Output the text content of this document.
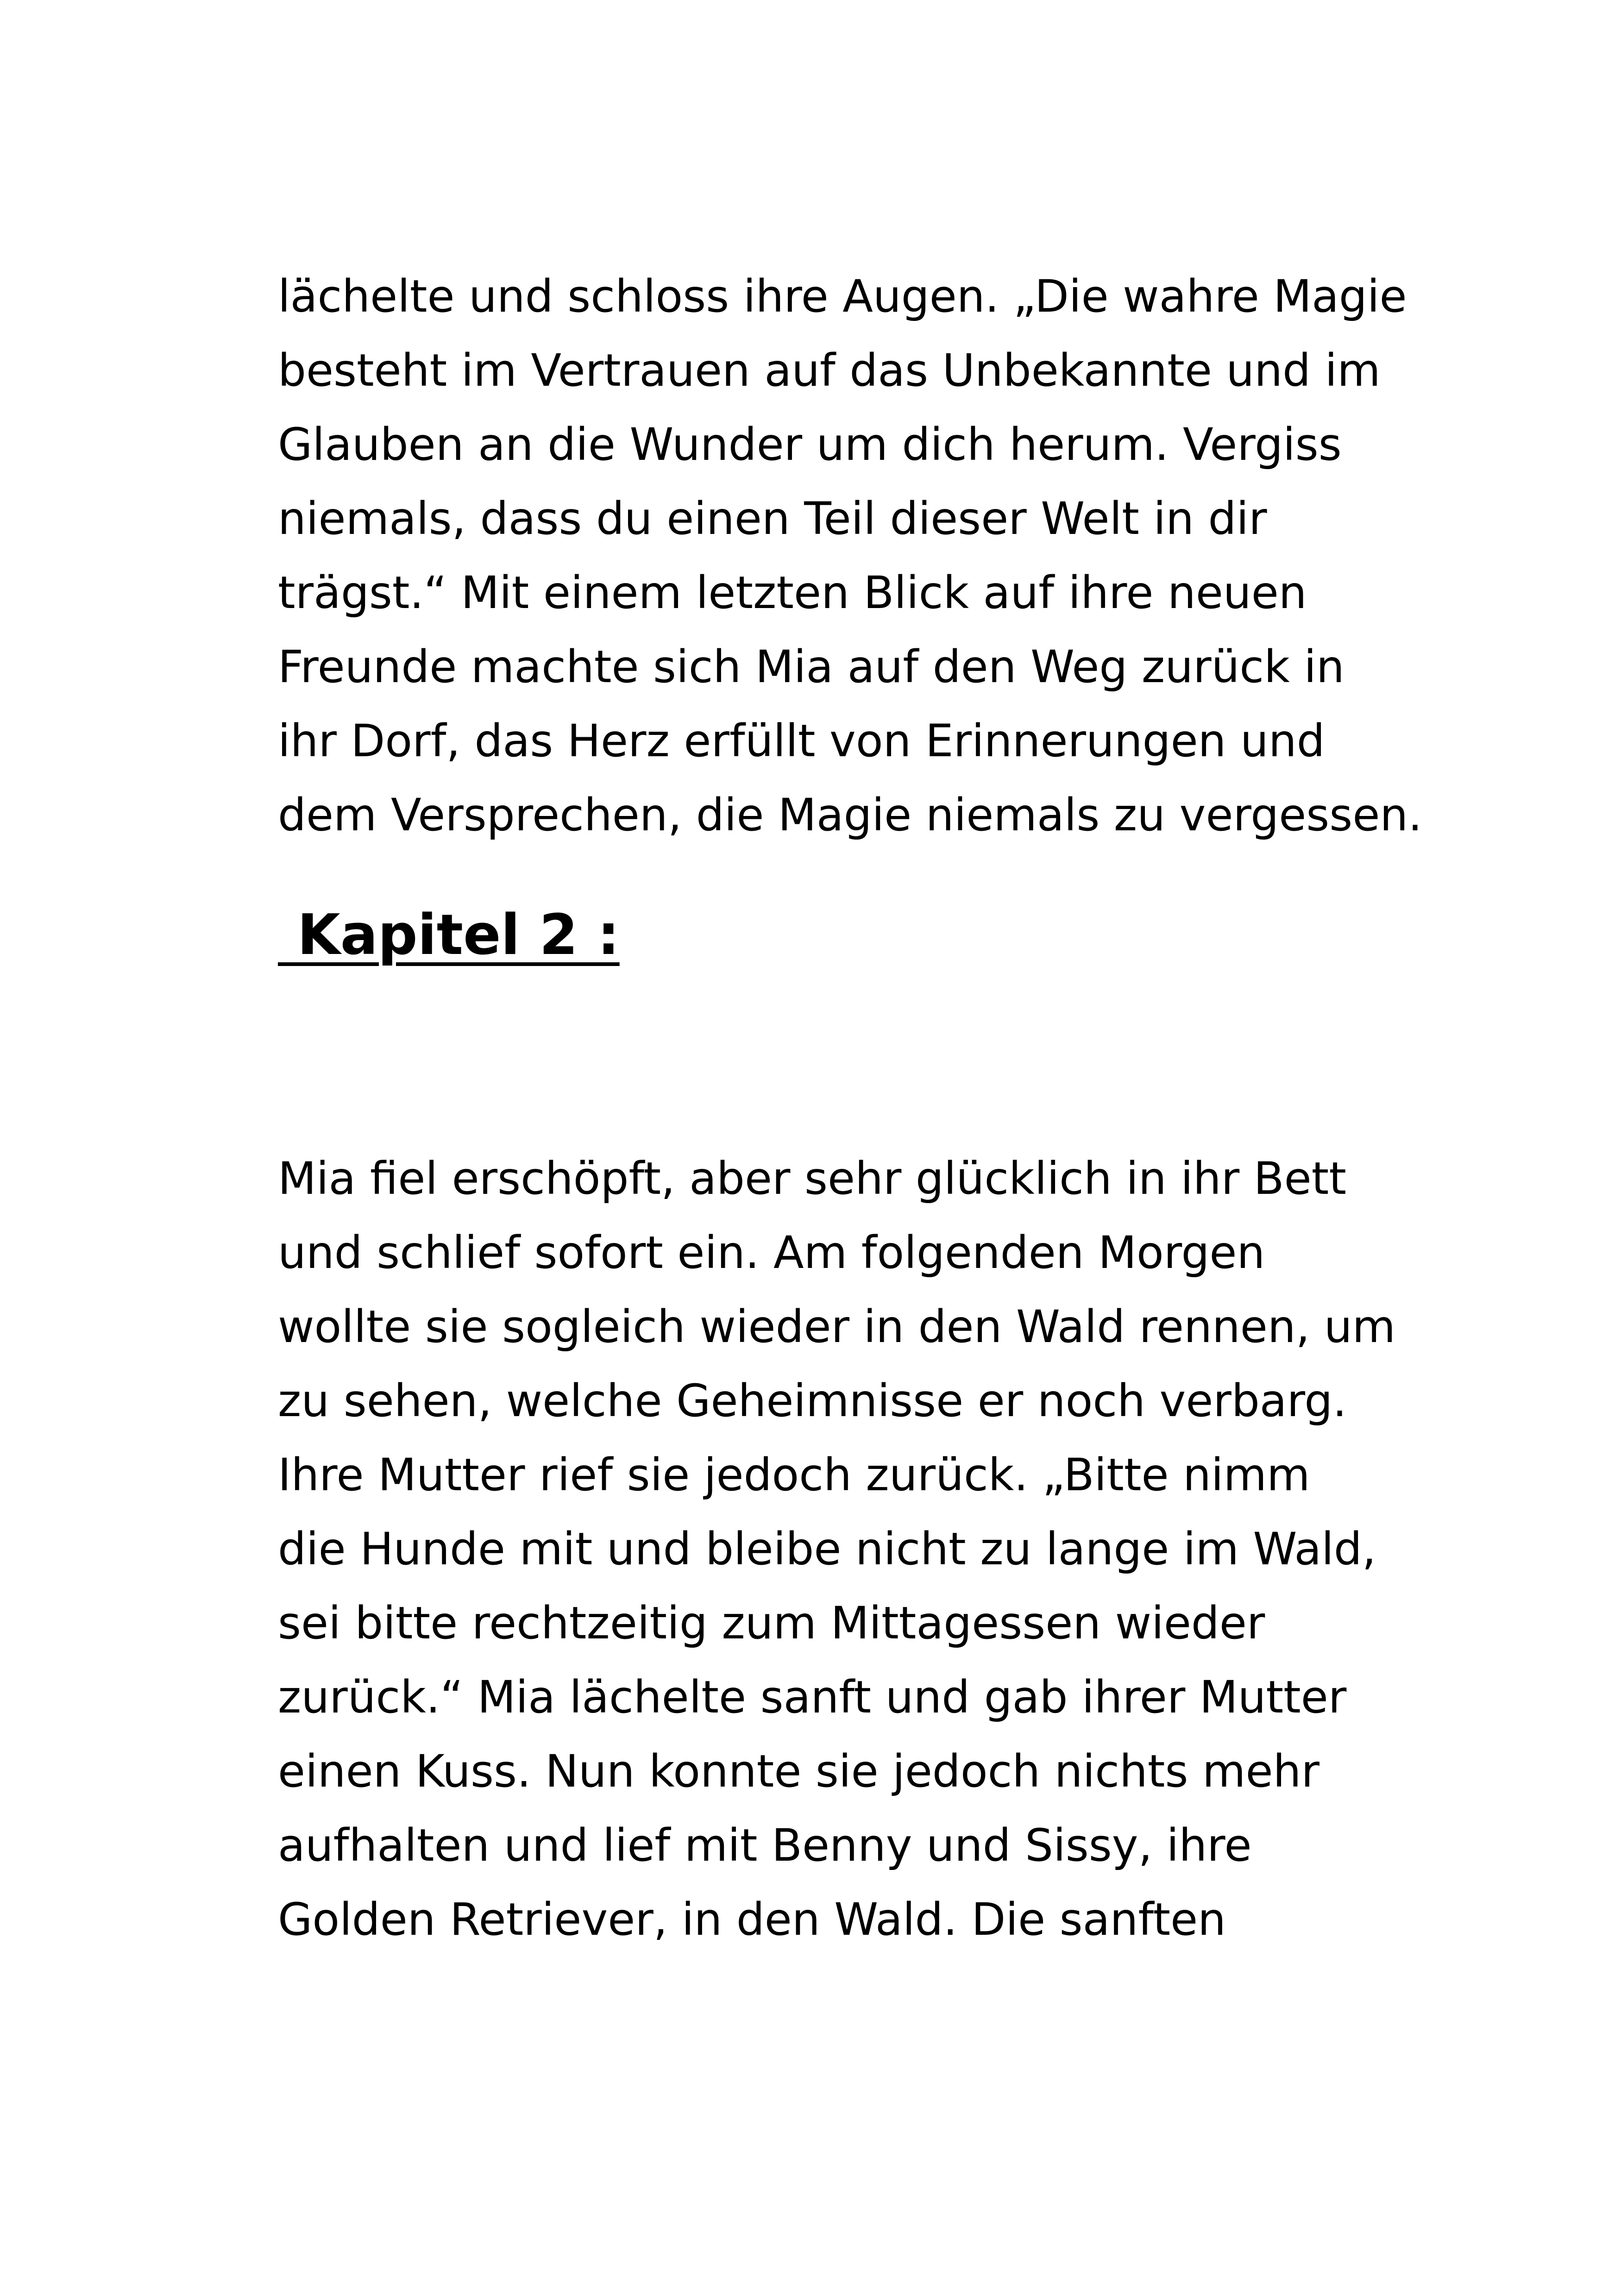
lächelte und schloss ihre Augen. „Die wahre Magie
besteht im Vertrauen auf das Unbekannte und im
Glauben an die Wunder um dich herum. Vergiss
niemals, dass du einen Teil dieser Welt in dir
trägst.“ Mit einem letzten Blick auf ihre neuen
Freunde machte sich Mia auf den Weg zurück in
ihr Dorf, das Herz erfüllt von Erinnerungen und
dem Versprechen, die Magie niemals zu vergessen.
Kapitel 2 :
Mia fiel erschöpft, aber sehr glücklich in ihr Bett
und schlief sofort ein. Am folgenden Morgen
wollte sie sogleich wieder in den Wald rennen, um
zu sehen, welche Geheimnisse er noch verbarg.
Ihre Mutter rief sie jedoch zurück. „Bitte nimm
die Hunde mit und bleibe nicht zu lange im Wald,
sei bitte rechtzeitig zum Mittagessen wieder
zurück.“ Mia lächelte sanft und gab ihrer Mutter
einen Kuss. Nun konnte sie jedoch nichts mehr
aufhalten und lief mit Benny und Sissy, ihre
Golden Retriever, in den Wald. Die sanften
